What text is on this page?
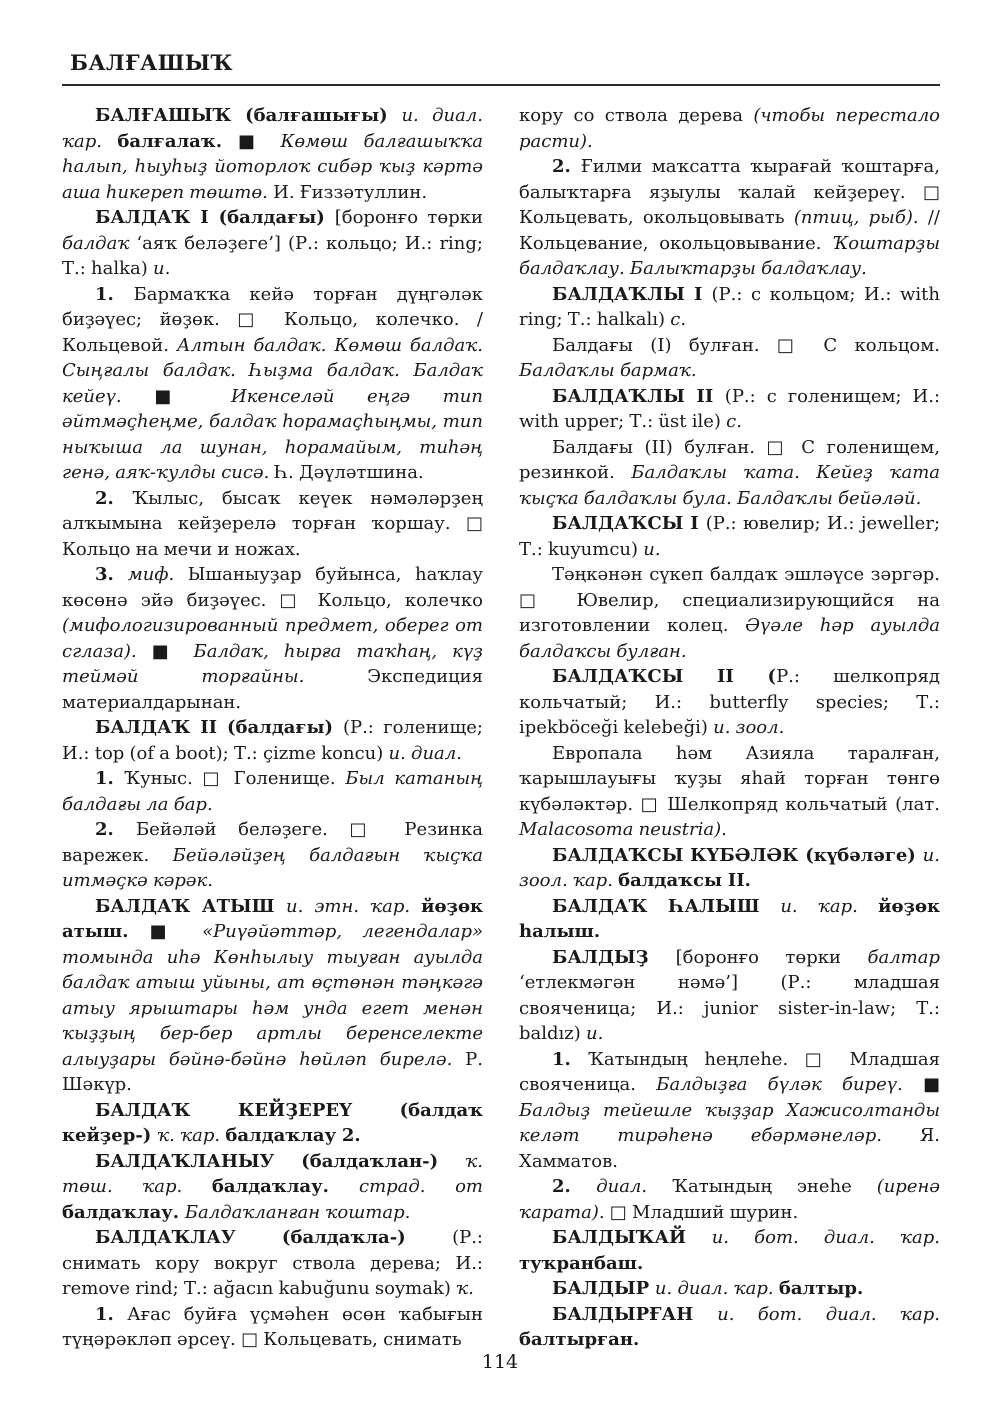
БАЛҒАШЫҠ

БАЛҒАШЫҠ (балғашығы) и. диал. ҡар. балғалаҡ. ■ Көмөш балғашыҡҡа һалып, һыуһыҙ йоторлоҡ сибәр ҡыҙ кәртә аша һикереп төштө. И. Ғиззәтуллин.

БАЛДАҠ I (балдағы) [боронғо төрки балдаҡ ‘аяҡ беләҙеге’] (Р.: кольцо; И.: ring; Т.: halka) и.

1. Бармаҡҡа кейә торған дүңгәләк биҙәүес; йөҙөк. □ Кольцо, колечко. / Кольцевой. Алтын балдаҡ. Көмөш балдаҡ. Сыңғалы балдаҡ. Һыҙма балдаҡ. Балдаҡ кейеү. ■ Икенселәй еңгә тип әйтмәҫһеңме, балдаҡ һорамаҫһыңмы, тип ныҡыша ла шунан, һорамайым, тиһәң генә, аяҡ-ҡулды сисә. Һ. Дәүләтшина.

2. Ҡылыс, бысаҡ кеүек нәмәләрҙең алҡымына кейҙерелә торған ҡоршау. □ Кольцо на мечи и ножах.

3. миф. Ышаныуҙар буйынса, һаҡлау көсөнә эйә биҙәүес. □ Кольцо, колечко (мифологизированный предмет, оберег от сглаза). ■ Балдаҡ, һырға таҡһаң, күҙ теймәй торғайны. Экспедиция материалдарынан.

БАЛДАҠ II (балдағы) (Р.: голенище; И.: top (of a boot); Т.: çizme koncu) и. диал.

1. Ҡуныс. □ Голенище. Был катаның балдағы ла бар.

2. Бейәләй беләҙеге. □ Резинка варежек. Бейәләйҙең балдағын ҡыҫҡа итмәҫкә кәрәк.

БАЛДАҠ АТЫШ и. этн. ҡар. йөҙөк атыш. ■ «Риүәйәттәр, легендалар» томында иһә Көнһылыу тыуған ауылда балдаҡ атыш уйыны, ат өҫтөнән тәңкәгә атыу ярыштары һәм унда егет менән ҡыҙҙың бер-бер артлы беренселекте алыуҙары бәйнә-бәйнә һөйләп бирелә. Р. Шәкүр.

БАЛДАҠ КЕЙҘЕРЕҮ (балдаҡ кейҙер-) ҡ. ҡар. балдаҡлау 2.

БАЛДАҠЛАНЫУ (балдаҡлан-) ҡ. төш. ҡар. балдаҡлау. страд. от балдаҡлау. Балдаҡланған ҡоштар.

БАЛДАҠЛАУ (балдаҡла-) (Р.: снимать кору вокруг ствола дерева; И.: remove rind; Т.: ağacın kabuğunu soymak) ҡ.

1. Ағас буйға үҫмәһен өсөн ҡабығын түңәрәкләп әрсеү. □ Кольцевать, снимать

кору со ствола дерева (чтобы перестало расти).

2. Ғилми маҡсатта ҡырағай ҡоштарға, балыҡтарға яҙыулы ҡалай кейҙереү. □ Кольцевать, окольцовывать (птиц, рыб). // Кольцевание, окольцовывание. Ҡоштарҙы балдаҡлау. Балыҡтарҙы балдаҡлау.

БАЛДАҠЛЫ I (Р.: с кольцом; И.: with ring; Т.: halkalı) с.

Балдағы (I) булған. □ С кольцом. Балдаҡлы бармаҡ.

БАЛДАҠЛЫ II (Р.: с голенищем; И.: with upper; Т.: üst ile) с.

Балдағы (II) булған. □ С голенищем, резинкой. Балдаҡлы ҡата. Кейеҙ ҡата ҡыҫҡа балдаҡлы була. Балдаҡлы бейәләй.

БАЛДАҠСЫ I (Р.: ювелир; И.: jeweller; Т.: kuyumcu) и.

Тәңкәнән сүкеп балдаҡ эшләүсе зәргәр. □ Ювелир, специализирующийся на изготовлении колец. Әүәле һәр ауылда балдаҡсы булған.

БАЛДАҠСЫ II (Р.: шелкопряд кольчатый; И.: butterfly species; Т.: ipekböceği kelebeği) и. зоол.

Европала һәм Азияла таралған, ҡарышлауығы ҡуҙы яһай торған төнгө күбәләктәр. □ Шелкопряд кольчатый (лат. Malacosoma neustria).

БАЛДАҠСЫ КҮБӘЛӘК (күбәләге) и. зоол. ҡар. балдаҡсы II.

БАЛДАҠ ҺАЛЫШ и. ҡар. йөҙөк һалыш.

БАЛДЫҘ [боронғо төрки балтар ‘етлекмәгән нәмә’] (Р.: младшая свояченица; И.: junior sister-in-law; Т.: baldız) и.

1. Ҡатындың һеңлеһе. □ Младшая свояченица. Балдыҙға бүләк биреү. ■ Балдыҙ тейешле ҡыҙҙар Хажисолтанды келәт тирәһенә ебәрмәнеләр. Я. Хамматов.

2. диал. Ҡатындың энеһе (иренә ҡарата). □ Младший шурин.

БАЛДЫҠАЙ и. бот. диал. ҡар. туҡранбаш.

БАЛДЫР и. диал. ҡар. балтыр.

БАЛДЫРҒАН и. бот. диал. ҡар. балтырған.

114
